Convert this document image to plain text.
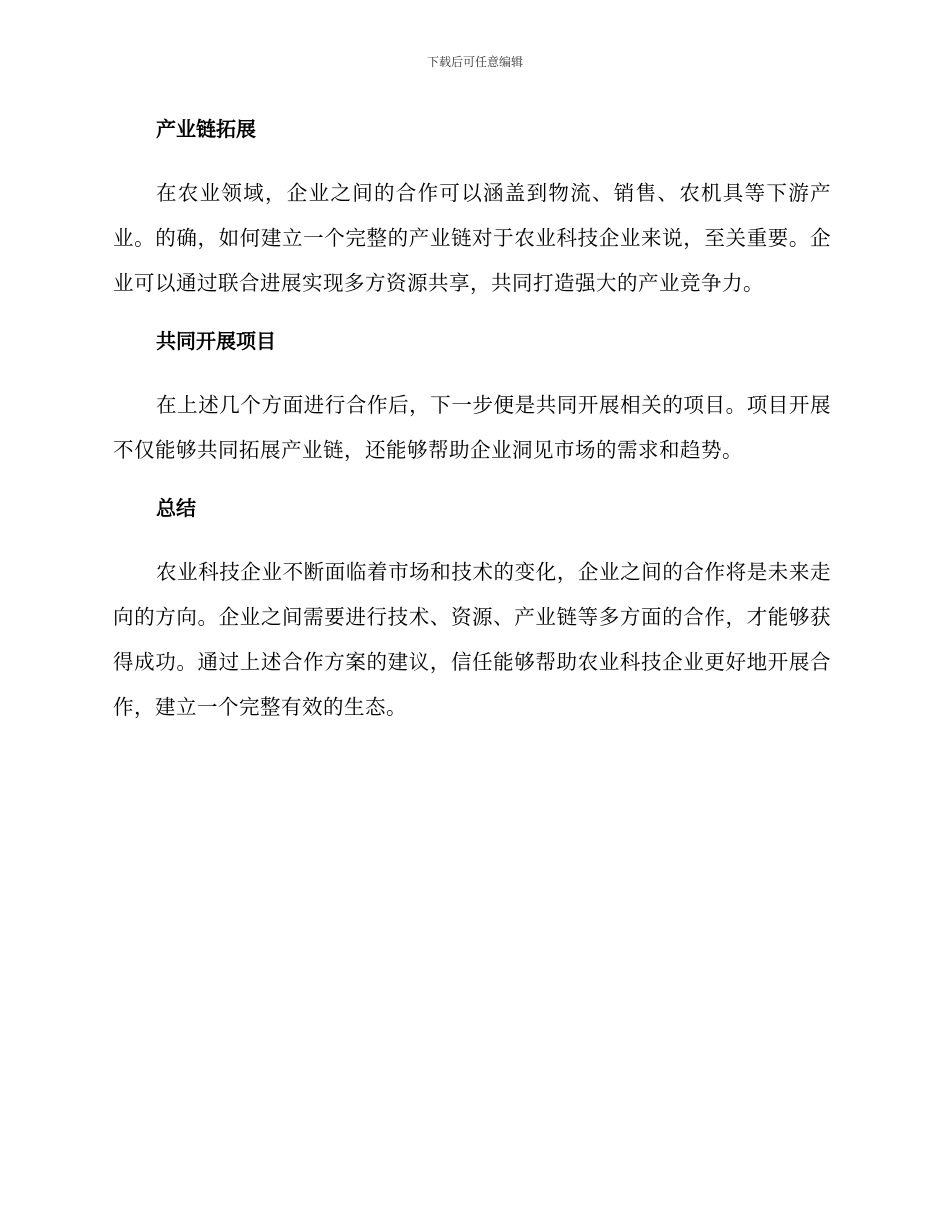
下载后可任意编辑
产业链拓展

在农业领域，企业之间的合作可以涵盖到物流、销售、农机具等下游产业。的确，如何建立一个完整的产业链对于农业科技企业来说，至关重要。企业可以通过联合进展实现多方资源共享，共同打造强大的产业竞争力。

共同开展项目

在上述几个方面进行合作后，下一步便是共同开展相关的项目。项目开展不仅能够共同拓展产业链，还能够帮助企业洞见市场的需求和趋势。

总结

农业科技企业不断面临着市场和技术的变化，企业之间的合作将是未来走向的方向。企业之间需要进行技术、资源、产业链等多方面的合作，才能够获得成功。通过上述合作方案的建议，信任能够帮助农业科技企业更好地开展合作，建立一个完整有效的生态。
